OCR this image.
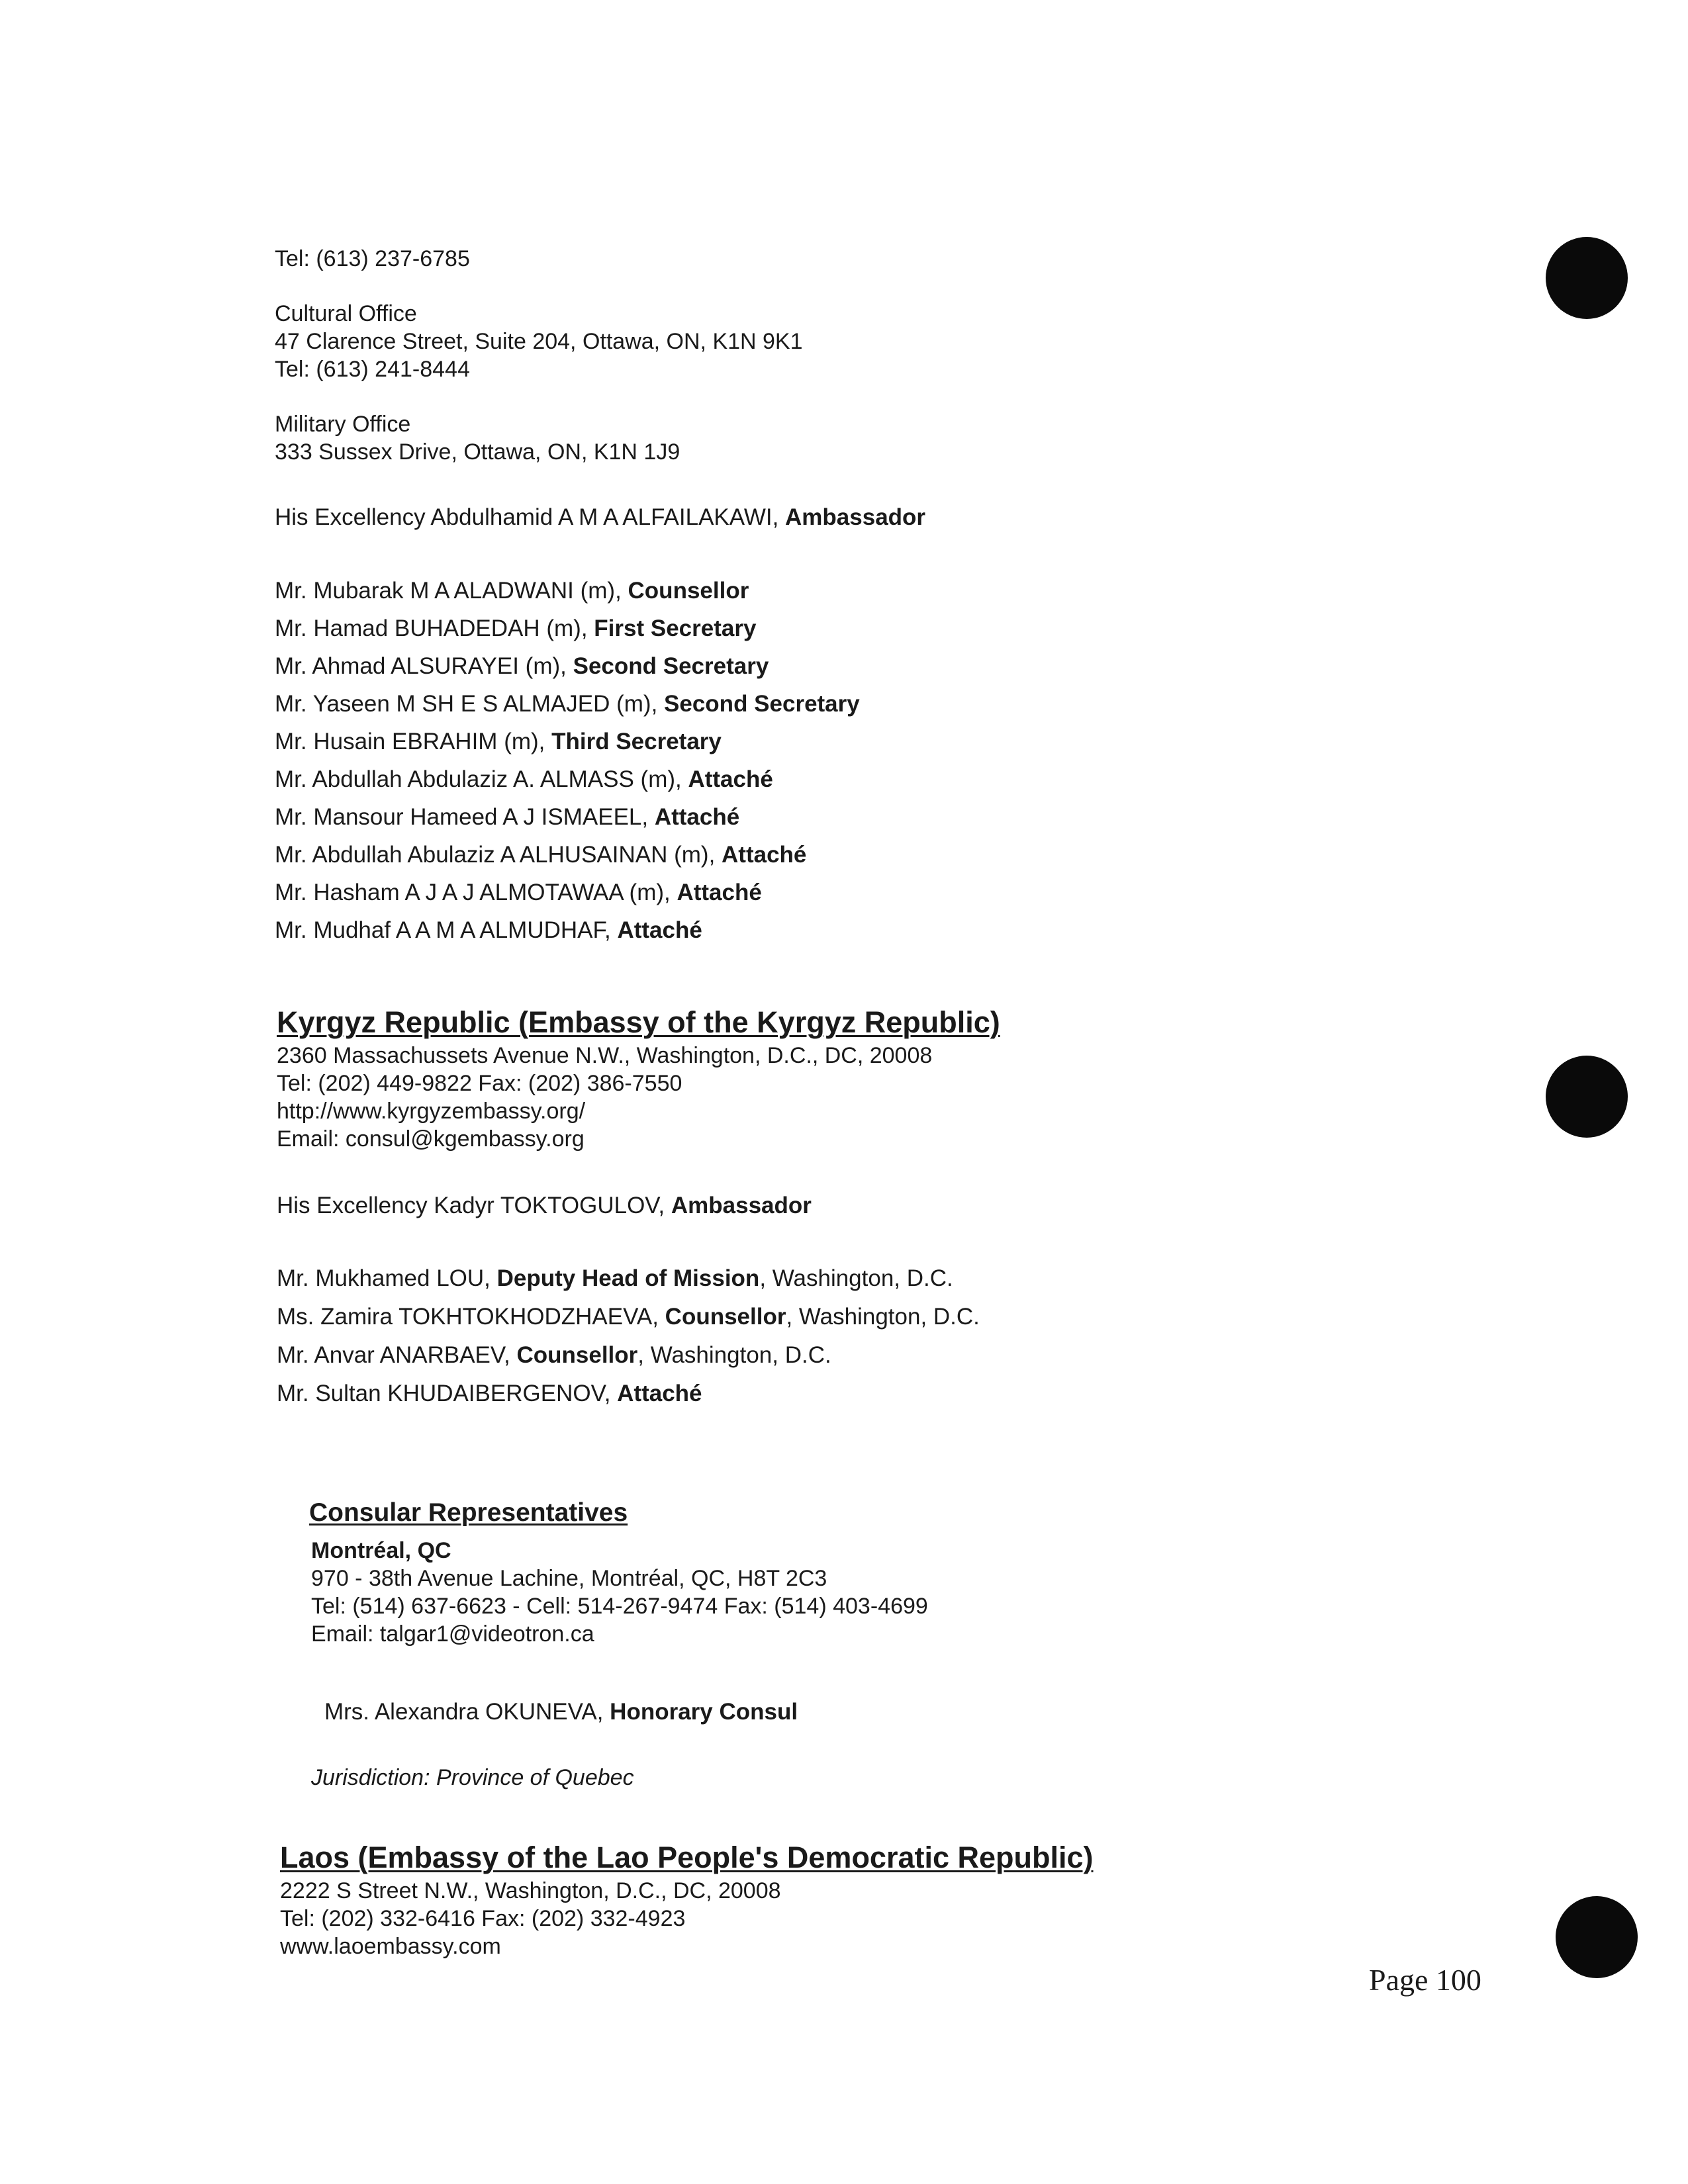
Tel: (613) 237-6785
Cultural Office
47 Clarence Street, Suite 204, Ottawa, ON, K1N 9K1
Tel: (613) 241-8444
Military Office
333 Sussex Drive, Ottawa, ON, K1N 1J9
His Excellency Abdulhamid A M A ALFAILAKAWI, Ambassador
Mr. Mubarak M A ALADWANI (m), Counsellor
Mr. Hamad BUHADEDAH (m), First Secretary
Mr. Ahmad ALSURAYEI (m), Second Secretary
Mr. Yaseen M SH E S ALMAJED (m), Second Secretary
Mr. Husain EBRAHIM (m), Third Secretary
Mr. Abdullah Abdulaziz A. ALMASS (m), Attaché
Mr. Mansour Hameed A J ISMAEEL, Attaché
Mr. Abdullah Abulaziz A ALHUSAINAN (m), Attaché
Mr. Hasham A J A J ALMOTAWAA (m), Attaché
Mr. Mudhaf A A M A ALMUDHAF, Attaché
Kyrgyz Republic (Embassy of the Kyrgyz Republic)
2360 Massachussets Avenue N.W., Washington, D.C., DC, 20008
Tel: (202) 449-9822 Fax: (202) 386-7550
http://www.kyrgyzembassy.org/
Email: consul@kgembassy.org
His Excellency Kadyr TOKTOGULOV, Ambassador
Mr. Mukhamed LOU, Deputy Head of Mission, Washington, D.C.
Ms. Zamira TOKHTOKHODZHAEVA, Counsellor, Washington, D.C.
Mr. Anvar ANARBAEV, Counsellor, Washington, D.C.
Mr. Sultan KHUDAIBERGENOV, Attaché
Consular Representatives
Montréal, QC
970 - 38th Avenue Lachine, Montréal, QC, H8T 2C3
Tel: (514) 637-6623 - Cell: 514-267-9474 Fax: (514) 403-4699
Email: talgar1@videotron.ca
Mrs. Alexandra OKUNEVA, Honorary Consul
Jurisdiction: Province of Quebec
Laos (Embassy of the Lao People's Democratic Republic)
2222 S Street N.W., Washington, D.C., DC, 20008
Tel: (202) 332-6416 Fax: (202) 332-4923
www.laoembassy.com
Page 100
